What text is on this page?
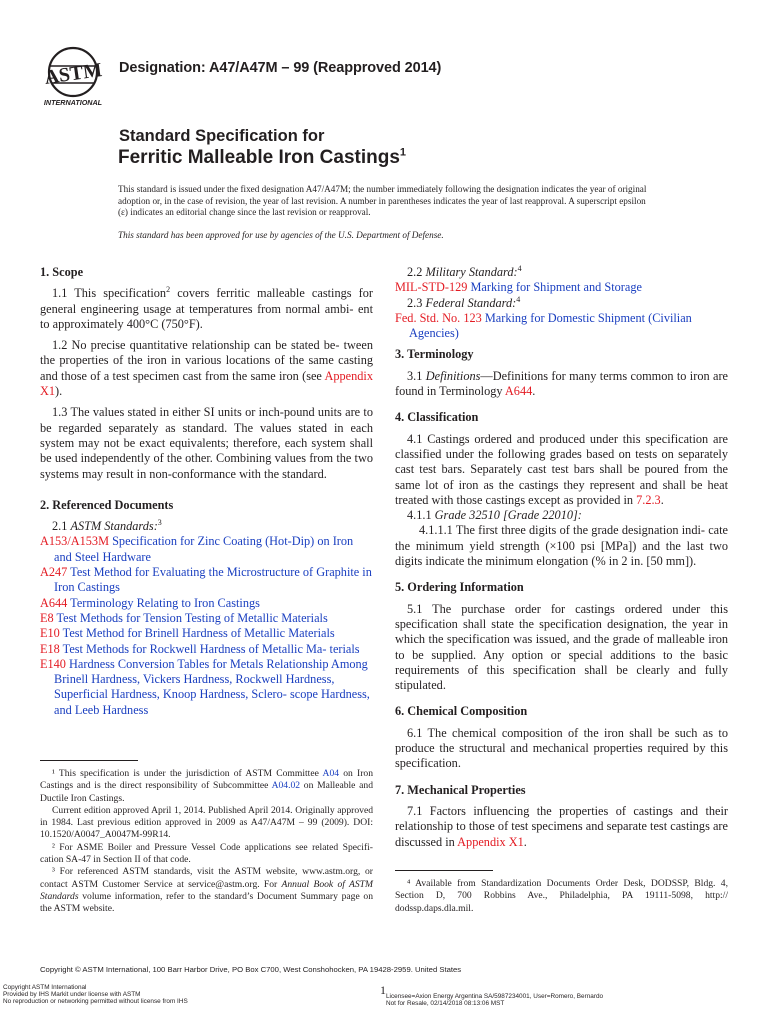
ASTM
INTERNATIONAL
Designation: A47/A47M – 99 (Reapproved 2014)
Standard Specification for
Ferritic Malleable Iron Castings$^1$
This standard is issued under the fixed designation A47/A47M; the number immediately following the designation indicates the year of original adoption or, in the case of revision, the year of last revision. A number in parentheses indicates the year of last reapproval. A superscript epsilon (ε) indicates an editorial change since the last revision or reapproval.
This standard has been approved for use by agencies of the U.S. Department of Defense.

1. Scope

1.1 This specification$^2$ covers ferritic malleable castings for general engineering usage at temperatures from normal ambi- ent to approximately 400°C (750°F).

1.2 No precise quantitative relationship can be stated be- tween the properties of the iron in various locations of the same casting and those of a test specimen cast from the same iron (see Appendix X1).

1.3 The values stated in either SI units or inch-pound units are to be regarded separately as standard. The values stated in each system may not be exact equivalents; therefore, each system shall be used independently of the other. Combining values from the two systems may result in non-conformance with the standard.

2. Referenced Documents

2.1 ASTM Standards:$^3$

A153/A153M Specification for Zinc Coating (Hot-Dip) on Iron and Steel Hardware

A247 Test Method for Evaluating the Microstructure of Graphite in Iron Castings

A644 Terminology Relating to Iron Castings

E8 Test Methods for Tension Testing of Metallic Materials

E10 Test Method for Brinell Hardness of Metallic Materials

E18 Test Methods for Rockwell Hardness of Metallic Ma- terials

E140 Hardness Conversion Tables for Metals Relationship Among Brinell Hardness, Vickers Hardness, Rockwell Hardness, Superficial Hardness, Knoop Hardness, Sclero- scope Hardness, and Leeb Hardness

2.2 Military Standard:$^4$

MIL-STD-129 Marking for Shipment and Storage

2.3 Federal Standard:$^4$

Fed. Std. No. 123 Marking for Domestic Shipment (Civilian Agencies)

3. Terminology

3.1 Definitions—Definitions for many terms common to iron are found in Terminology A644.

4. Classification

4.1 Castings ordered and produced under this specification are classified under the following grades based on tests on separately cast test bars. Separately cast test bars shall be poured from the same lot of iron as the castings they represent and shall be heat treated with those castings except as provided in 7.2.3.

4.1.1 Grade 32510 [Grade 22010]:

4.1.1.1 The first three digits of the grade designation indi- cate the minimum yield strength (×100 psi [MPa]) and the last two digits indicate the minimum elongation (% in 2 in. [50 mm]).

5. Ordering Information

5.1 The purchase order for castings ordered under this specification shall state the specification designation, the year in which the specification was issued, and the grade of malleable iron to be supplied. Any option or special additions to the basic requirements of this specification shall be clearly and fully stipulated.

6. Chemical Composition

6.1 The chemical composition of the iron shall be such as to produce the structural and mechanical properties required by this specification.

7. Mechanical Properties

7.1 Factors influencing the properties of castings and their relationship to those of test specimens and separate test castings are discussed in Appendix X1.

¹ This specification is under the jurisdiction of ASTM Committee A04 on Iron Castings and is the direct responsibility of Subcommittee A04.02 on Malleable and Ductile Iron Castings.

Current edition approved April 1, 2014. Published April 2014. Originally approved in 1984. Last previous edition approved in 2009 as A47/A47M – 99 (2009). DOI: 10.1520/A0047_A0047M-99R14.

² For ASME Boiler and Pressure Vessel Code applications see related Specifi- cation SA-47 in Section II of that code.

³ For referenced ASTM standards, visit the ASTM website, www.astm.org, or contact ASTM Customer Service at service@astm.org. For Annual Book of ASTM Standards volume information, refer to the standard’s Document Summary page on the ASTM website.

⁴ Available from Standardization Documents Order Desk, DODSSP, Bldg. 4, Section D, 700 Robbins Ave., Philadelphia, PA 19111-5098, http:// dodssp.daps.dla.mil.

Copyright © ASTM International, 100 Barr Harbor Drive, PO Box C700, West Conshohocken, PA 19428-2959. United States
1
Copyright ASTM International
Provided by IHS Markit under license with ASTM
No reproduction or networking permitted without license from IHS
Licensee=Axion Energy Argentina SA/5987234001, User=Romero, Bernardo
Not for Resale, 02/14/2018 08:13:06 MST
